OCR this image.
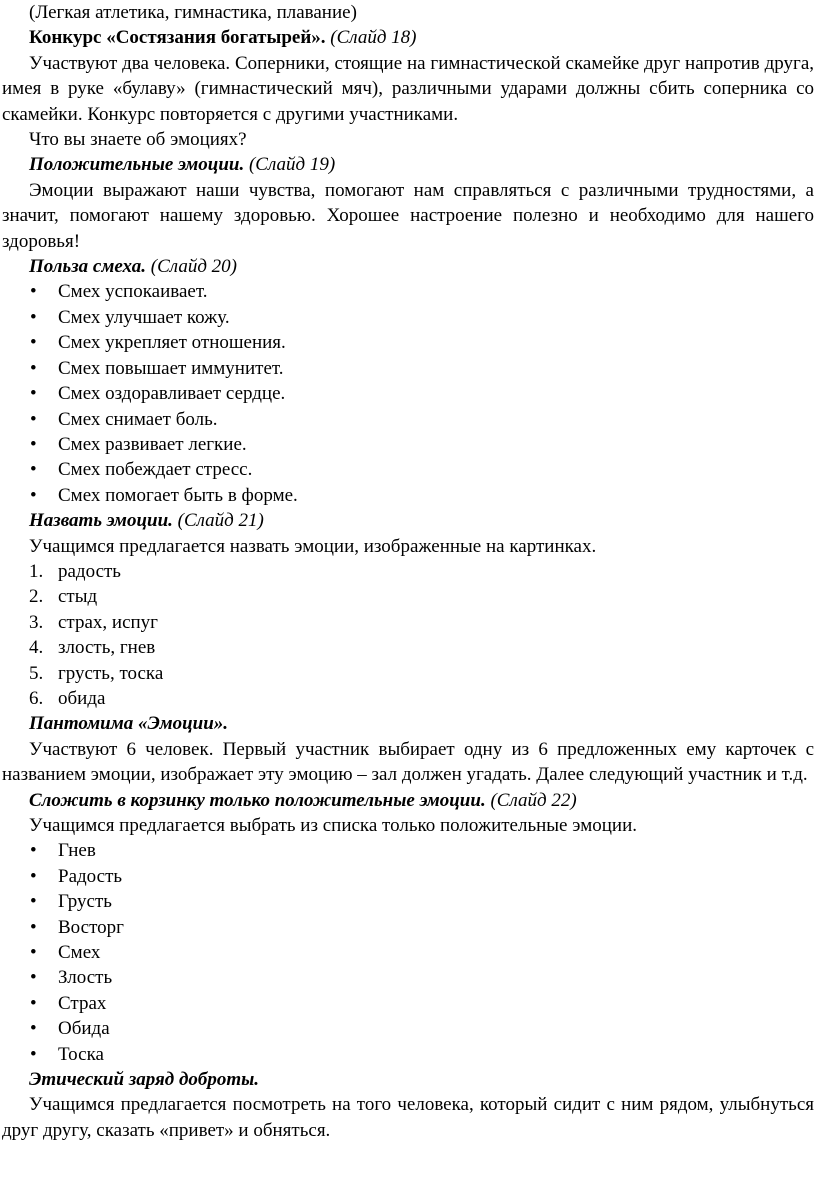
(Легкая атлетика, гимнастика, плавание)

Конкурс «Состязания богатырей». (Слайд 18)

Участвуют два человека. Соперники, стоящие на гимнастической скамейке друг напротив друга, имея в руке «булаву» (гимнастический мяч), различными ударами должны сбить соперника со скамейки. Конкурс повторяется с другими участниками.

Что вы знаете об эмоциях?

Положительные эмоции. (Слайд 19)

Эмоции выражают наши чувства, помогают нам справляться с различными трудностями, а значит, помогают нашему здоровью. Хорошее настроение полезно и необходимо для нашего здоровья!

Польза смеха. (Слайд 20)

• Смех успокаивает.
• Смех улучшает кожу.
• Смех укрепляет отношения.
• Смех повышает иммунитет.
• Смех оздоравливает сердце.
• Смех снимает боль.
• Смех развивает легкие.
• Смех побеждает стресс.
• Смех помогает быть в форме.

Назвать эмоции. (Слайд 21)

Учащимся предлагается назвать эмоции, изображенные на картинках.

1. радость
2. стыд
3. страх, испуг
4. злость, гнев
5. грусть, тоска
6. обида

Пантомима «Эмоции».

Участвуют 6 человек. Первый участник выбирает одну из 6 предложенных ему карточек с названием эмоции, изображает эту эмоцию – зал должен угадать. Далее следующий участник и т.д.

Сложить в корзинку только положительные эмоции. (Слайд 22)

Учащимся предлагается выбрать из списка только положительные эмоции.

• Гнев
• Радость
• Грусть
• Восторг
• Смех
• Злость
• Страх
• Обида
• Тоска

Этический заряд доброты.

Учащимся предлагается посмотреть на того человека, который сидит с ним рядом, улыбнуться друг другу, сказать «привет» и обняться.
